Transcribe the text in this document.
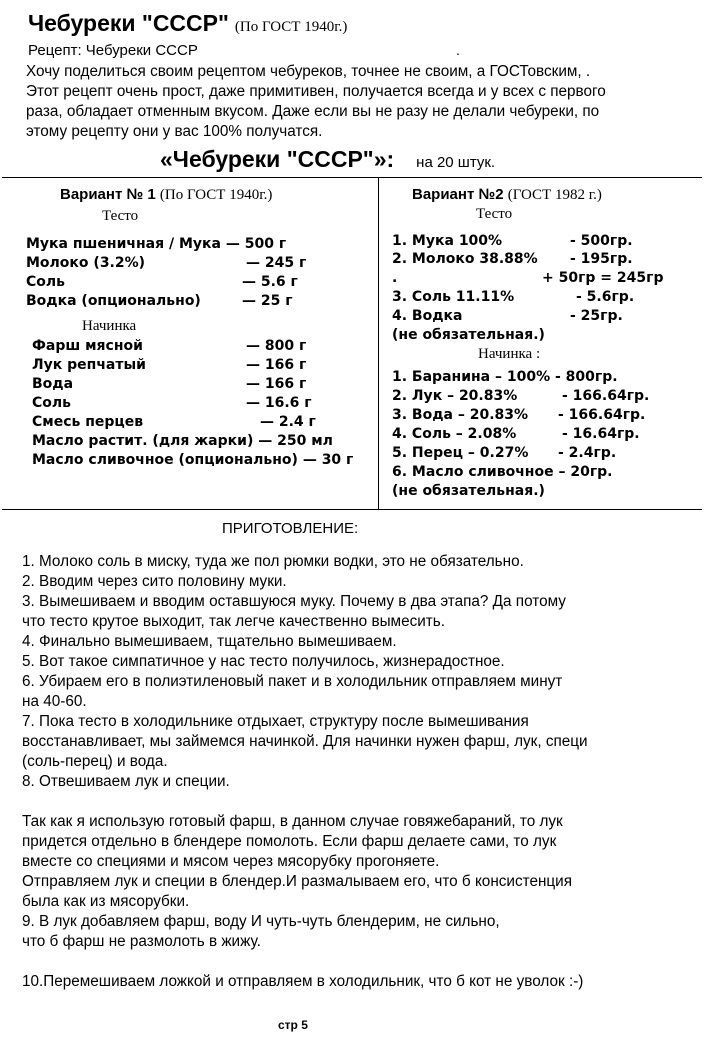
Чебуреки "СССР" (По ГОСТ 1940г.)
Рецепт: Чебуреки СССР	.
Хочу поделиться своим рецептом чебуреков, точнее не своим, а ГОСТовским, .
Этот рецепт очень прост, даже примитивен, получается всегда и у всех с первого
раза, обладает отменным вкусом. Даже если вы не разу не делали чебуреки, по
этому рецепту они у вас 100% получатся.
«Чебуреки "СССР"»: на 20 штук.
Вариант № 1 (По ГОСТ 1940г.)
Тесто
Мука пшеничная / Мука — 500 г
Молоко (3.2%)	— 245 г
Соль	— 5.6 г
Водка (опционально)	— 25 г
Начинка
Фарш мясной	— 800 г
Лук репчатый	— 166 г
Вода	— 166 г
Соль	— 16.6 г
Смесь перцев	— 2.4 г
Масло растит. (для жарки) — 250 мл
Масло сливочное (опционально) — 30 г
Вариант №2 (ГОСТ 1982 г.)
Тесто
1. Мука 100%	- 500гр.
2. Молоко 38.88% - 195гр.
.	+ 50гр = 245гр
3. Соль 11.11%	- 5.6гр.
4. Водка	- 25гр.
(не обязательная.)
Начинка :
1. Баранина – 100% - 800гр.
2. Лук – 20.83%	- 166.64гр.
3. Вода – 20.83% - 166.64гр.
4. Соль – 2.08%	- 16.64гр.
5. Перец – 0.27% - 2.4гр.
6. Масло сливочное – 20гр.
(не обязательная.)
ПРИГОТОВЛЕНИЕ:
1. Молоко соль в миску, туда же пол рюмки водки, это не обязательно.
2. Вводим через сито половину муки.
3. Вымешиваем и вводим оставшуюся муку. Почему в два этапа? Да потому
что тесто крутое выходит, так легче качественно вымесить.
4. Финально вымешиваем, тщательно вымешиваем.
5. Вот такое симпатичное у нас тесто получилось, жизнерадостное.
6. Убираем его в полиэтиленовый пакет и в холодильник отправляем минут
на 40-60.
7. Пока тесто в холодильнике отдыхает, структуру после вымешивания
восстанавливает, мы займемся начинкой. Для начинки нужен фарш, лук, специ
(соль-перец) и вода.
8. Отвешиваем лук и специи.
Так как я использую готовый фарш, в данном случае говяжебараний, то лук
придется отдельно в блендере помолоть. Если фарш делаете сами, то лук
вместе со специями и мясом через мясорубку прогоняете.
Отправляем лук и специи в блендер.И размалываем его, что б консистенция
была как из мясорубки.
9. В лук добавляем фарш, воду И чуть-чуть блендерим, не сильно,
что б фарш не размолоть в жижу.
10.Перемешиваем ложкой и отправляем в холодильник, что б кот не уволок :-)
стр 5
